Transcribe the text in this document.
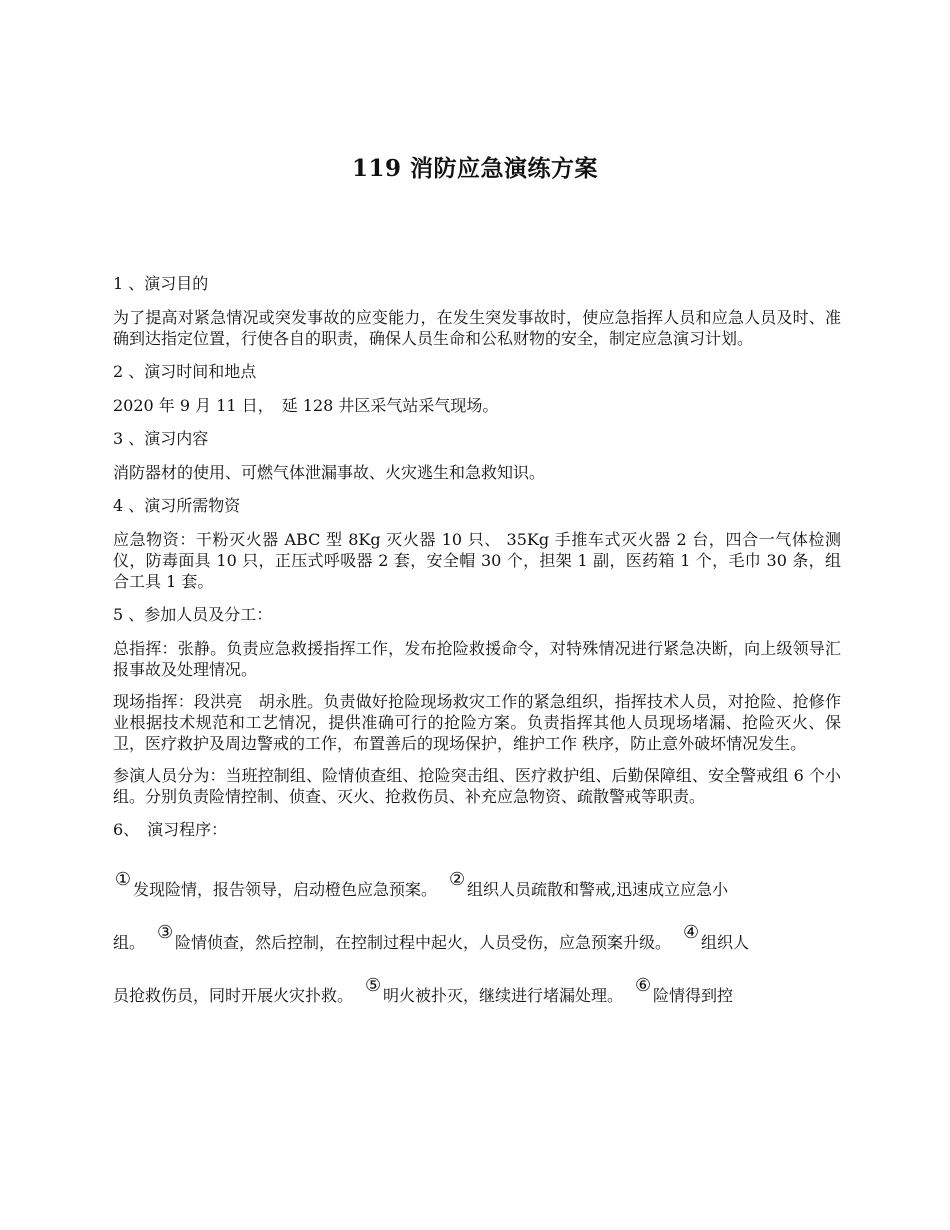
119 消防应急演练方案
1 、演习目的
为了提高对紧急情况或突发事故的应变能力，在发生突发事故时，使应急指挥人员和应急人员及时、准确到达指定位置，行使各自的职责，确保人员生命和公私财物的安全，制定应急演习计划。
2 、演习时间和地点
2020 年 9 月 11 日，　延 128 井区采气站采气现场。
3 、演习内容
消防器材的使用、可燃气体泄漏事故、火灾逃生和急救知识。
4 、演习所需物资
应急物资：干粉灭火器 ABC 型 8Kg 灭火器 10 只、 35Kg 手推车式灭火器 2 台，四合一气体检测仪，防毒面具 10 只，正压式呼吸器 2 套，安全帽 30 个，担架 1 副，医药箱 1 个，毛巾 30 条，组合工具 1 套。
5 、参加人员及分工：
总指挥：张静。负责应急救援指挥工作，发布抢险救援命令，对特殊情况进行紧急决断，向上级领导汇报事故及处理情况。
现场指挥：段洪亮　胡永胜。负责做好抢险现场救灾工作的紧急组织，指挥技术人员，对抢险、抢修作业根据技术规范和工艺情况，提供准确可行的抢险方案。负责指挥其他人员现场堵漏、抢险灭火、保卫，医疗救护及周边警戒的工作，布置善后的现场保护，维护工作 秩序，防止意外破坏情况发生。
参演人员分为：当班控制组、险情侦查组、抢险突击组、医疗救护组、后勤保障组、安全警戒组 6 个小组。分别负责险情控制、侦查、灭火、抢救伤员、补充应急物资、疏散警戒等职责。
6、　演习程序：
① 发现险情，报告领导，启动橙色应急预案。 ② 组织人员疏散和警戒,迅速成立应急小
组。 ③ 险情侦查，然后控制，在控制过程中起火，人员受伤，应急预案升级。 ④ 组织人
员抢救伤员，同时开展火灾扑救。 ⑤ 明火被扑灭，继续进行堵漏处理。 ⑥ 险情得到控
